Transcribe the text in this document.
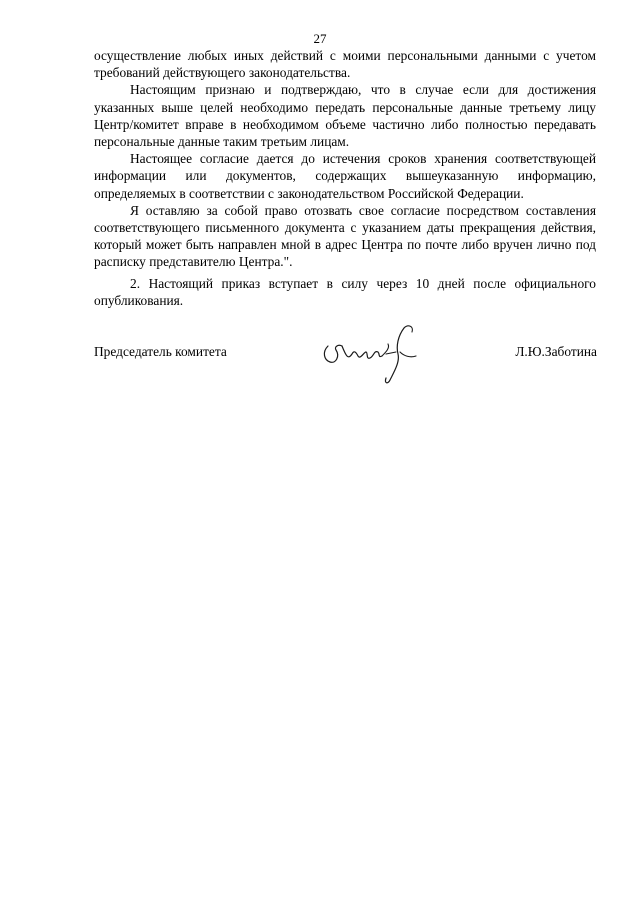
27

осуществление любых иных действий с моими персональными данными с учетом требований действующего законодательства.

Настоящим признаю и подтверждаю, что в случае если для достижения указанных выше целей необходимо передать персональные данные третьему лицу Центр/комитет вправе в необходимом объеме частично либо полностью передавать персональные данные таким третьим лицам.

Настоящее согласие дается до истечения сроков хранения соответствующей информации или документов, содержащих вышеуказанную информацию, определяемых в соответствии с законодательством Российской Федерации.

Я оставляю за собой право отозвать свое согласие посредством составления соответствующего письменного документа с указанием даты прекращения действия, который может быть направлен мной в адрес Центра по почте либо вручен лично под расписку представителю Центра.".

2. Настоящий приказ вступает в силу через 10 дней после официального опубликования.

Председатель комитета	Л.Ю.Заботина
